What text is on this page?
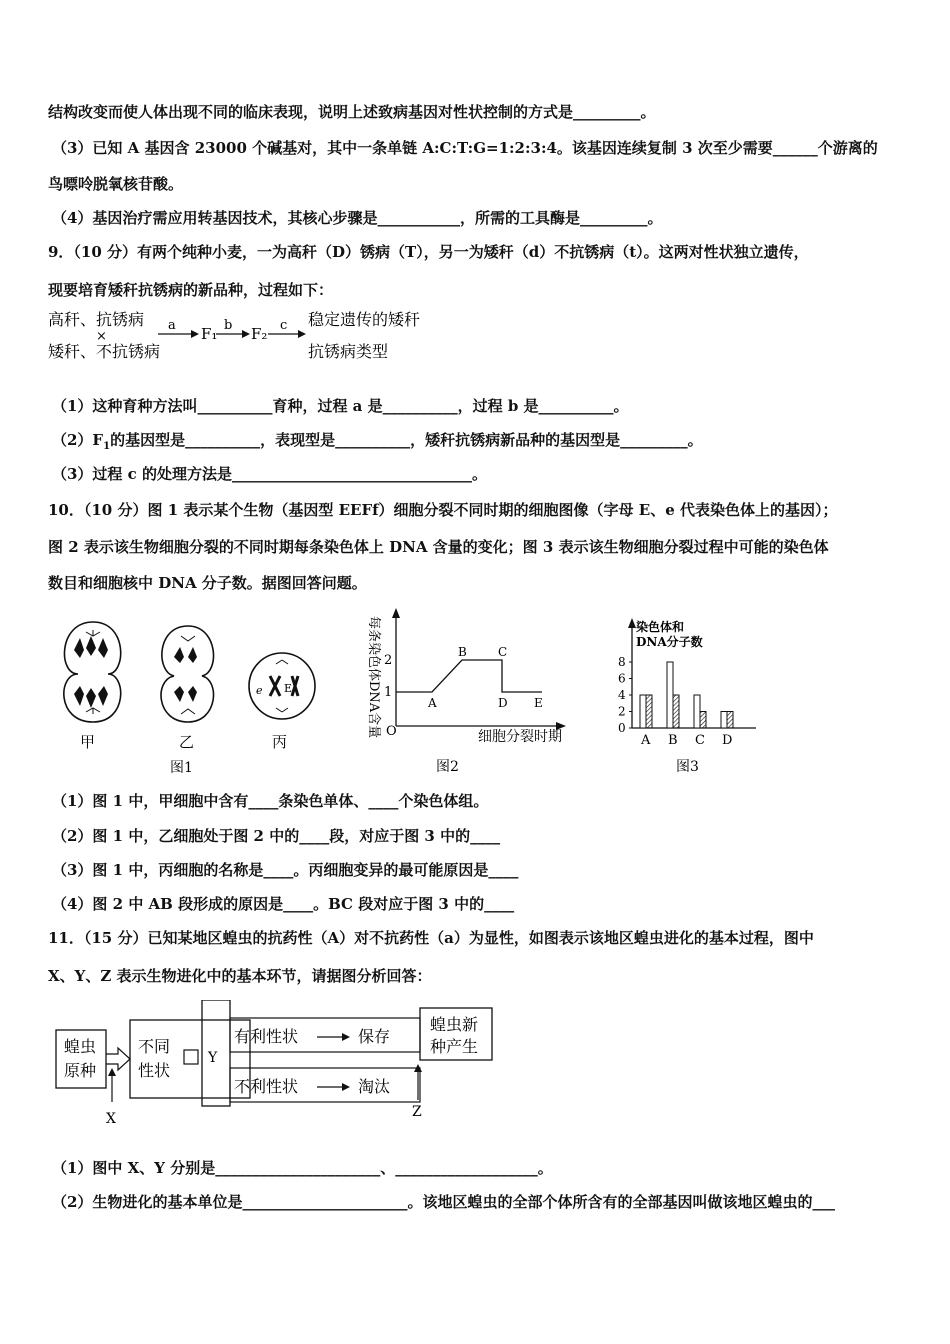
结构改变而使人体出现不同的临床表现，说明上述致病基因对性状控制的方式是_________。
（3）已知 A 基因含 23000 个碱基对，其中一条单链 A:C:T:G=1:2:3:4。该基因连续复制 3 次至少需要______个游离的
鸟嘌呤脱氧核苷酸。
（4）基因治疗需应用转基因技术，其核心步骤是___________，所需的工具酶是_________。
9．（10 分）有两个纯种小麦，一为高秆（D）锈病（T），另一为矮秆（d）不抗锈病（t）。这两对性状独立遗传，
现要培育矮秆抗锈病的新品种，过程如下：
高秆、抗锈病
×
矮秆、不抗锈病
a F₁ b F₂ c 稳定遗传的矮秆
抗锈病类型
（1）这种育种方法叫__________育种，过程 a 是__________，过程 b 是__________。
$(2)F_1$的基因型是__________，表现型是__________，矮秆抗锈病新品种的基因型是_________。
（3）过程 c 的处理方法是________________________________。
10．（10 分）图 1 表示某个生物（基因型 EEFf）细胞分裂不同时期的细胞图像（字母 E、e 代表染色体上的基因）；
图 2 表示该生物细胞分裂的不同时期每条染色体上 DNA 含量的变化；图 3 表示该生物细胞分裂过程中可能的染色体
数目和细胞核中 DNA 分子数。据图回答问题。
甲	乙
e E
丙
图1
每条染色体DNA含量 O
1
2
A
B	C
D E
细胞分裂时期
图2
染色体和
DNA分子数
0
2
4
6
8
A B C D
图3
（1）图 1 中，甲细胞中含有____条染色单体、____个染色体组。
（2）图 1 中，乙细胞处于图 2 中的____段，对应于图 3 中的____
（3）图 1 中，丙细胞的名称是____。丙细胞变异的最可能原因是____
（4）图 2 中 AB 段形成的原因是____。BC 段对应于图 3 中的____
11．（15 分）已知某地区蝗虫的抗药性（A）对不抗药性（a）为显性，如图表示该地区蝗虫进化的基本过程，图中
X、Y、Z 表示生物进化中的基本环节，请据图分析回答：
蝗虫
原种
不同
性状
Y
有利性状	保存
不利性状	淘汰
蝗虫新
种产生
X	Z
（1）图中 X、Y 分别是______________________、___________________。
（2）生物进化的基本单位是______________________。该地区蝗虫的全部个体所含有的全部基因叫做该地区蝗虫的___
